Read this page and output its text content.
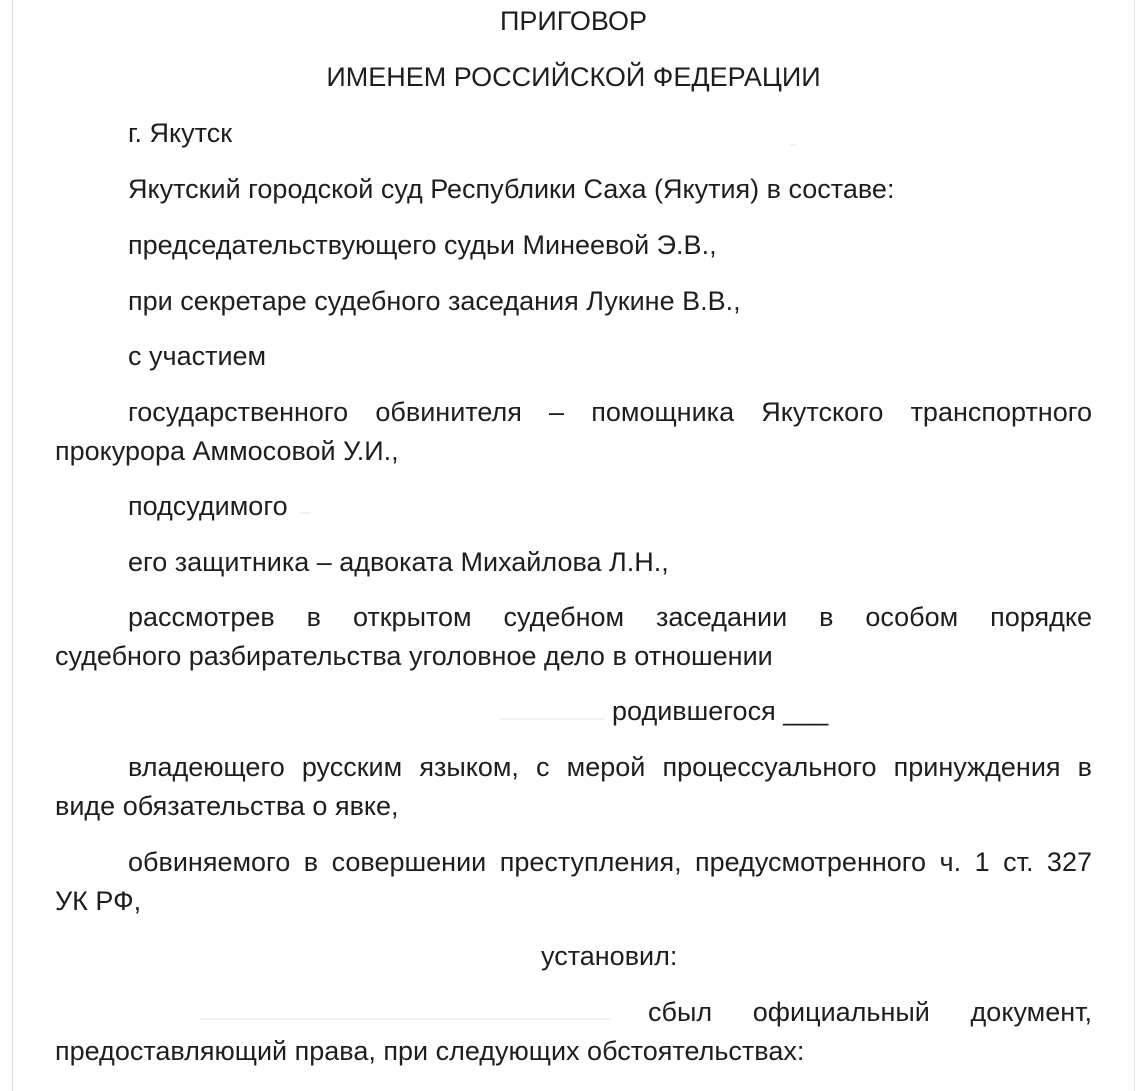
ПРИГОВОР
ИМЕНЕМ РОССИЙСКОЙ ФЕДЕРАЦИИ
г. Якутск
Якутский городской суд Республики Саха (Якутия) в составе:
председательствующего судьи Минеевой Э.В.,
при секретаре судебного заседания Лукине В.В.,
с участием
государственного обвинителя – помощника Якутского транспортного
прокурора Аммосовой У.И.,
подсудимого
его защитника – адвоката Михайлова Л.Н.,
рассмотрев в открытом судебном заседании в особом порядке
судебного разбирательства уголовное дело в отношении
родившегося ___
владеющего русским языком, с мерой процессуального принуждения в
виде обязательства о явке,
обвиняемого в совершении преступления, предусмотренного ч. 1 ст. 327
УК РФ,
установил:
сбыл официальный документ,
предоставляющий права, при следующих обстоятельствах:
